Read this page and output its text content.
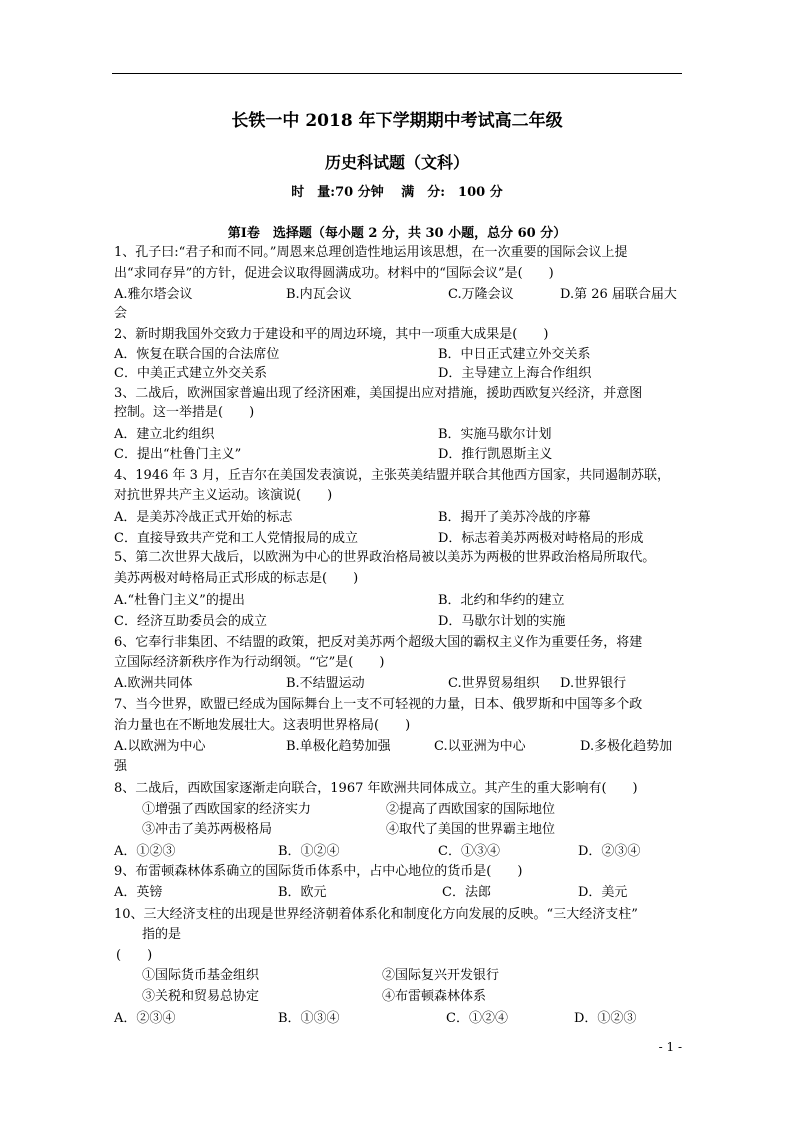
长铁一中 2018 年下学期期中考试高二年级
历史科试题（文科）
时　量:70 分钟　 满　分:　100 分
第Ⅰ卷　选择题（每小题 2 分，共 30 小题，总分 60 分）
1、孔子曰:“君子和而不同。”周恩来总理创造性地运用该思想，在一次重要的国际会议上提
出“求同存异”的方针，促进会议取得圆满成功。材料中的“国际会议”是(　　)
A.雅尔塔会议	B.内瓦会议	C.万隆会议	D.第 26 届联合届大
会
2、新时期我国外交致力于建设和平的周边环境，其中一项重大成果是(　　)
A．恢复在联合国的合法席位	B．中日正式建立外交关系
C．中美正式建立外交关系	D．主导建立上海合作组织
3、二战后，欧洲国家普遍出现了经济困难，美国提出应对措施，援助西欧复兴经济，并意图
控制。这一举措是(　　)
A．建立北约组织	B．实施马歇尔计划
C．提出“杜鲁门主义”	D．推行凯恩斯主义
4、1946 年 3 月，丘吉尔在美国发表演说，主张英美结盟并联合其他西方国家，共同遏制苏联，
对抗世界共产主义运动。该演说(　　)
A．是美苏冷战正式开始的标志	B．揭开了美苏冷战的序幕
C．直接导致共产党和工人党情报局的成立	D．标志着美苏两极对峙格局的形成
5、第二次世界大战后，以欧洲为中心的世界政治格局被以美苏为两极的世界政治格局所取代。
美苏两极对峙格局正式形成的标志是(　　)
A.“杜鲁门主义”的提出	B．北约和华约的建立
C．经济互助委员会的成立	D．马歇尔计划的实施
6、它奉行非集团、不结盟的政策，把反对美苏两个超级大国的霸权主义作为重要任务，将建
立国际经济新秩序作为行动纲领。“它”是(　　)
A.欧洲共同体	B.不结盟运动	C.世界贸易组织 D.世界银行
7、当今世界，欧盟已经成为国际舞台上一支不可轻视的力量，日本、俄罗斯和中国等多个政
治力量也在不断地发展壮大。这表明世界格局(　　)
A.以欧洲为中心	B.单极化趋势加强	C.以亚洲为中心	D.多极化趋势加
强
8、二战后，西欧国家逐渐走向联合，1967 年欧洲共同体成立。其产生的重大影响有(　　)
①增强了西欧国家的经济实力	②提高了西欧国家的国际地位
③冲击了美苏两极格局	④取代了美国的世界霸主地位
A．①②③	B．①②④	C．①③④	D．②③④
9、布雷顿森林体系确立的国际货币体系中，占中心地位的货币是(　　)
A．英镑	B．欧元	C．法郎	D．美元
10、三大经济支柱的出现是世界经济朝着体系化和制度化方向发展的反映。“三大经济支柱”
指的是
(　　)
①国际货币基金组织	②国际复兴开发银行
③关税和贸易总协定	④布雷顿森林体系
A．②③④	B．①③④	C．①②④	D．①②③
- 1 -
